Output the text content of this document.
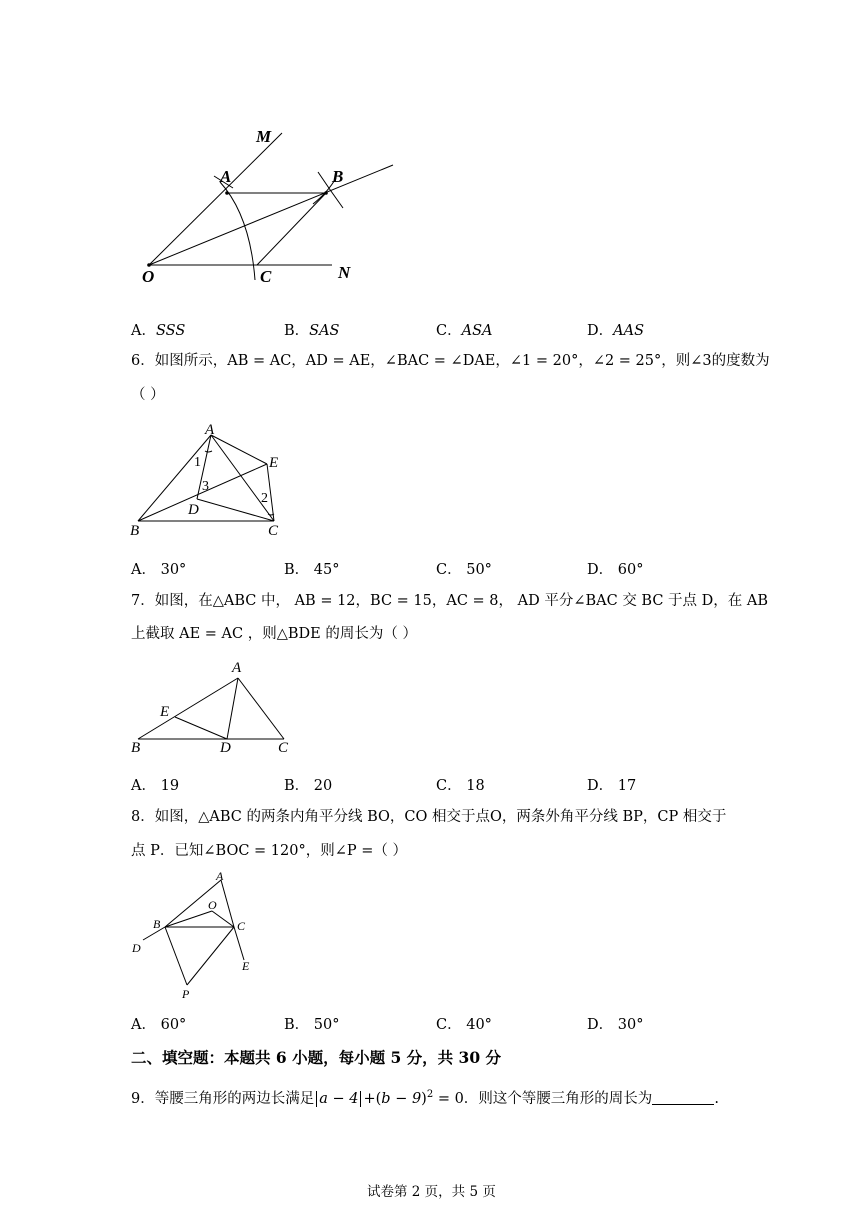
M
A	B
O	C	N
A．SSS	B．SAS	C．ASA	D．AAS
6．如图所示，AB = AC，AD = AE，∠BAC = ∠DAE，∠1 = 20°，∠2 = 25°，则∠3的度数为
（ ）
A
E
B	C
D
1
2
3
A． 30°	B． 45°	C． 50°	D． 60°
7．如图，在△ABC 中， AB = 12，BC = 15，AC = 8， AD 平分∠BAC 交 BC 于点 D，在 AB
上截取 AE = AC ，则△BDE 的周长为（ ）
A
E
B	D	C
A． 19	B． 20	C． 18	D． 17
8．如图，△ABC 的两条内角平分线 BO，CO 相交于点O，两条外角平分线 BP，CP 相交于
点 P．已知∠BOC = 120°，则∠P =（ ）
A
O
B	C
D
E
P
A． 60°	B． 50°	C． 40°	D． 30°
二、填空题：本题共 6 小题，每小题 5 分，共 30 分
9．等腰三角形的两边长满足 $a - 4 +(b - 9)^2 = 0$．则这个等腰三角形的周长为	.
试卷第 2 页，共 5 页
